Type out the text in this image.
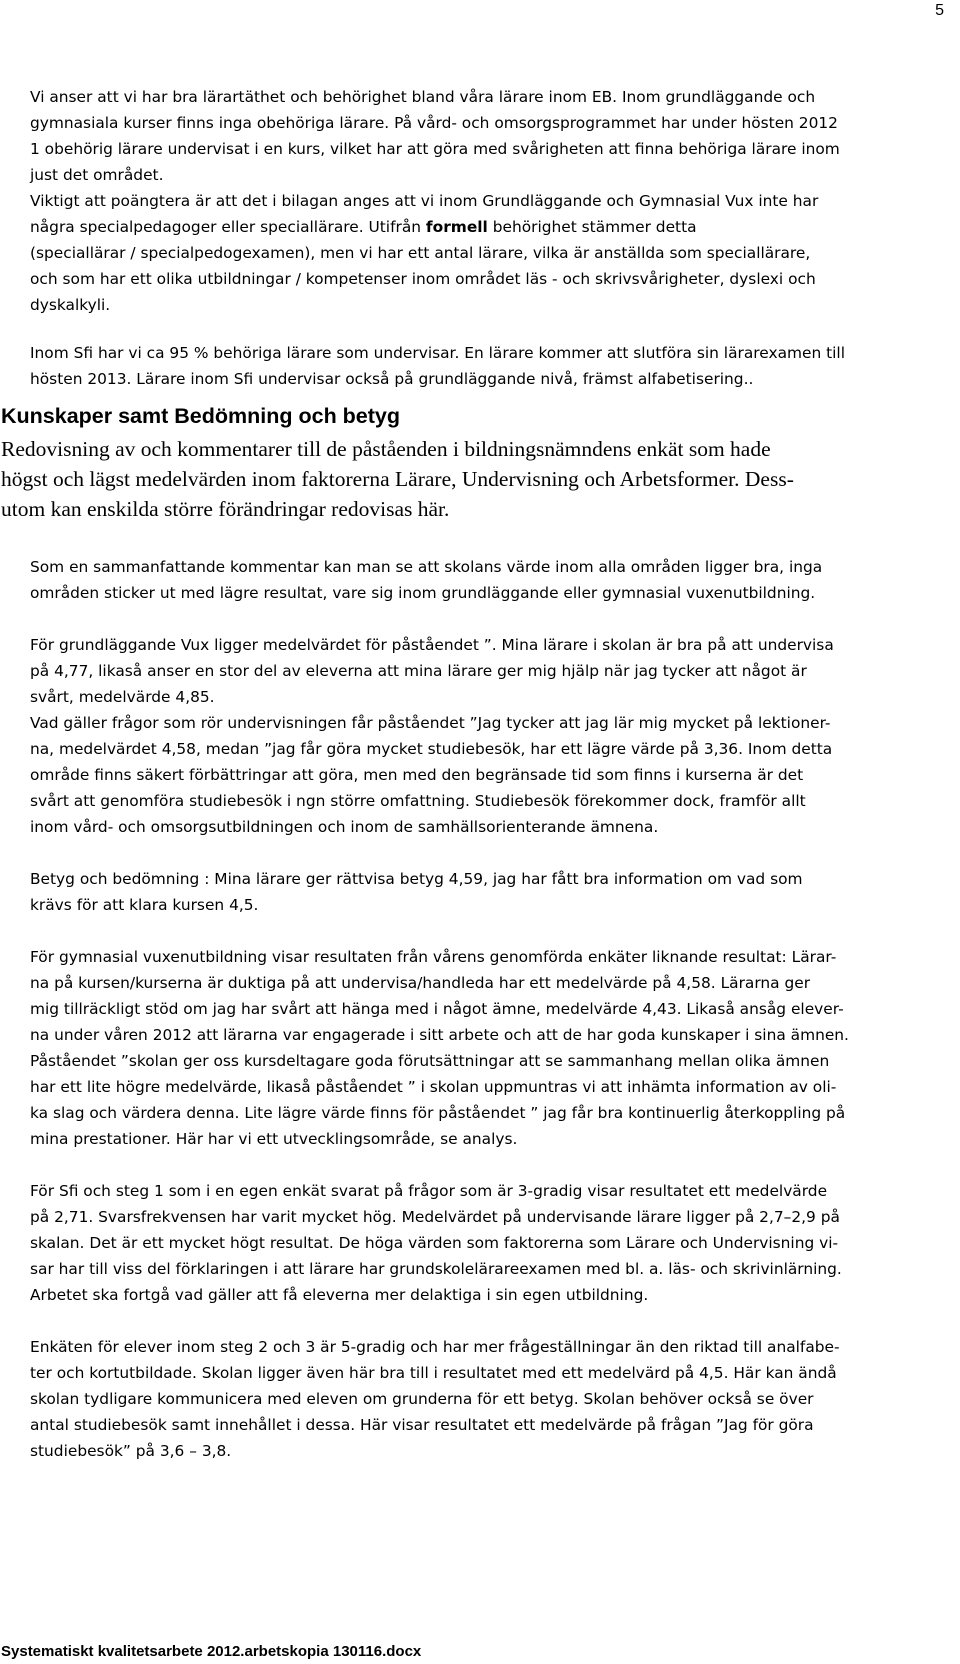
5
Vi anser att vi har bra lärartäthet och behörighet bland våra lärare inom EB. Inom grundläggande och
gymnasiala kurser finns inga obehöriga lärare. På vård- och omsorgsprogrammet har under hösten 2012
1 obehörig lärare undervisat i en kurs, vilket har att göra med svårigheten att finna behöriga lärare inom
just det området.
Viktigt att poängtera är att det i bilagan anges att vi inom Grundläggande och Gymnasial Vux inte har
några specialpedagoger eller speciallärare. Utifrån formell behörighet stämmer detta
(speciallärar / specialpedogexamen), men vi har ett antal lärare, vilka är anställda som speciallärare,
och som har ett olika utbildningar / kompetenser inom området läs - och skrivsvårigheter, dyslexi och
dyskalkyli.
Inom Sfi har vi ca 95 % behöriga lärare som undervisar. En lärare kommer att slutföra sin lärarexamen till
hösten 2013. Lärare inom Sfi undervisar också på grundläggande nivå, främst alfabetisering..
Kunskaper samt Bedömning och betyg
Redovisning av och kommentarer till de påståenden i bildningsnämndens enkät som hade
högst och lägst medelvärden inom faktorerna Lärare, Undervisning och Arbetsformer. Dess-
utom kan enskilda större förändringar redovisas här.
Som en sammanfattande kommentar kan man se att skolans värde inom alla områden ligger bra, inga
områden sticker ut med lägre resultat, vare sig inom grundläggande eller gymnasial vuxenutbildning.
För grundläggande Vux ligger medelvärdet för påståendet ”. Mina lärare i skolan är bra på att undervisa
på 4,77, likaså anser en stor del av eleverna att mina lärare ger mig hjälp när jag tycker att något är
svårt, medelvärde 4,85.
Vad gäller frågor som rör undervisningen får påståendet ”Jag tycker att jag lär mig mycket på lektioner-
na, medelvärdet 4,58, medan ”jag får göra mycket studiebesök, har ett lägre värde på 3,36. Inom detta
område finns säkert förbättringar att göra, men med den begränsade tid som finns i kurserna är det
svårt att genomföra studiebesök i ngn större omfattning. Studiebesök förekommer dock, framför allt
inom vård- och omsorgsutbildningen och inom de samhällsorienterande ämnena.
Betyg och bedömning : Mina lärare ger rättvisa betyg 4,59, jag har fått bra information om vad som
krävs för att klara kursen 4,5.
För gymnasial vuxenutbildning visar resultaten från vårens genomförda enkäter liknande resultat: Lärar-
na på kursen/kurserna är duktiga på att undervisa/handleda har ett medelvärde på 4,58. Lärarna ger
mig tillräckligt stöd om jag har svårt att hänga med i något ämne, medelvärde 4,43. Likaså ansåg elever-
na under våren 2012 att lärarna var engagerade i sitt arbete och att de har goda kunskaper i sina ämnen.
Påståendet ”skolan ger oss kursdeltagare goda förutsättningar att se sammanhang mellan olika ämnen
har ett lite högre medelvärde, likaså påståendet ” i skolan uppmuntras vi att inhämta information av oli-
ka slag och värdera denna. Lite lägre värde finns för påståendet ” jag får bra kontinuerlig återkoppling på
mina prestationer. Här har vi ett utvecklingsområde, se analys.
För Sfi och steg 1 som i en egen enkät svarat på frågor som är 3-gradig visar resultatet ett medelvärde
på 2,71. Svarsfrekvensen har varit mycket hög. Medelvärdet på undervisande lärare ligger på 2,7–2,9 på
skalan. Det är ett mycket högt resultat. De höga värden som faktorerna som Lärare och Undervisning vi-
sar har till viss del förklaringen i att lärare har grundskolelärareexamen med bl. a. läs- och skrivinlärning.
Arbetet ska fortgå vad gäller att få eleverna mer delaktiga i sin egen utbildning.
Enkäten för elever inom steg 2 och 3 är 5-gradig och har mer frågeställningar än den riktad till analfabe-
ter och kortutbildade. Skolan ligger även här bra till i resultatet med ett medelvärd på 4,5. Här kan ändå
skolan tydligare kommunicera med eleven om grunderna för ett betyg. Skolan behöver också se över
antal studiebesök samt innehållet i dessa. Här visar resultatet ett medelvärde på frågan ”Jag för göra
studiebesök” på 3,6 – 3,8.
Systematiskt kvalitetsarbete 2012.arbetskopia 130116.docx
